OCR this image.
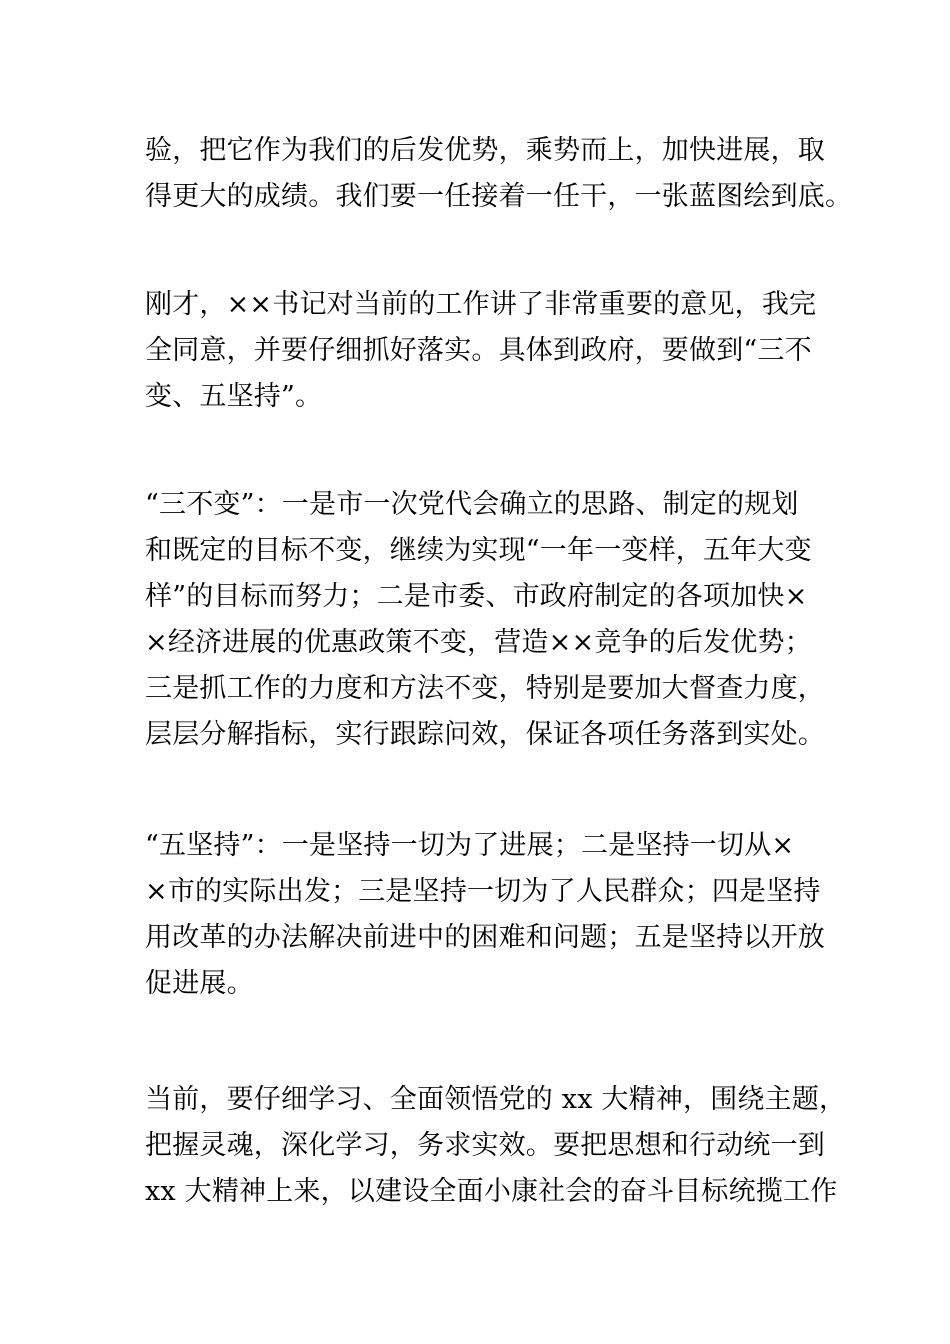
验，把它作为我们的后发优势，乘势而上，加快进展，取
得更大的成绩。我们要一任接着一任干，一张蓝图绘到底。

刚才，××书记对当前的工作讲了非常重要的意见，我完
全同意，并要仔细抓好落实。具体到政府，要做到“三不
变、五坚持”。

“三不变”：一是市一次党代会确立的思路、制定的规划
和既定的目标不变，继续为实现“一年一变样，五年大变
样”的目标而努力；二是市委、市政府制定的各项加快×
×经济进展的优惠政策不变，营造××竞争的后发优势；
三是抓工作的力度和方法不变，特别是要加大督查力度，
层层分解指标，实行跟踪问效，保证各项任务落到实处。

“五坚持”：一是坚持一切为了进展；二是坚持一切从×
×市的实际出发；三是坚持一切为了人民群众；四是坚持
用改革的办法解决前进中的困难和问题；五是坚持以开放
促进展。

当前，要仔细学习、全面领悟党的 xx 大精神，围绕主题，
把握灵魂，深化学习，务求实效。要把思想和行动统一到
xx 大精神上来，以建设全面小康社会的奋斗目标统揽工作
